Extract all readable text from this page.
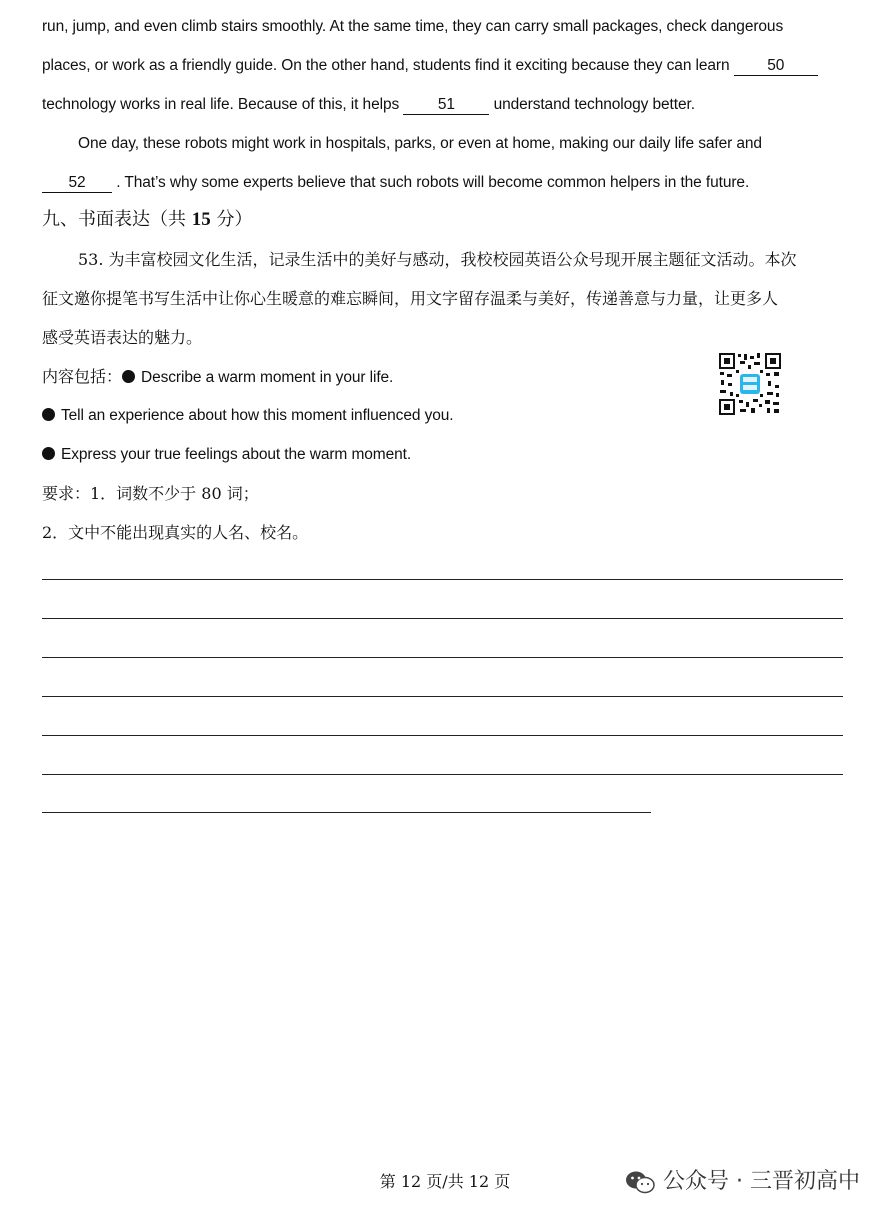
run, jump, and even climb stairs smoothly. At the same time, they can carry small packages, check dangerous
places, or work as a friendly guide. On the other hand, students find it exciting because they can learn 50
technology works in real life. Because of this, it helps 51 understand technology better.
One day, these robots might work in hospitals, parks, or even at home, making our daily life safer and
52 . That’s why some experts believe that such robots will become common helpers in the future.
九、书面表达（共 15 分）
53. 为丰富校园文化生活，记录生活中的美好与感动，我校校园英语公众号现开展主题征文活动。本次
征文邀你提笔书写生活中让你心生暖意的难忘瞬间，用文字留存温柔与美好，传递善意与力量，让更多人
感受英语表达的魅力。
内容包括： Describe a warm moment in your life.
Tell an experience about how this moment influenced you.
Express your true feelings about the warm moment.
要求：1．词数不少于 80 词；
2．文中不能出现真实的人名、校名。

第 12 页/共 12 页	公众号 · 三晋初高中
